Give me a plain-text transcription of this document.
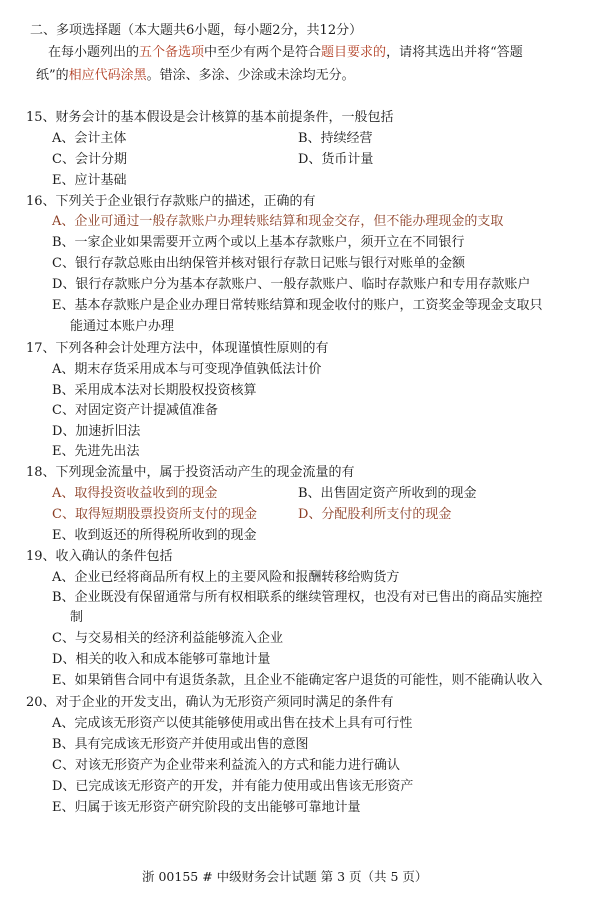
二、多项选择题（本大题共6小题，每小题2分，共12分）
在每小题列出的五个备选项中至少有两个是符合题目要求的，请将其选出并将“答题
纸”的相应代码涂黑。错涂、多涂、少涂或未涂均无分。
15、财务会计的基本假设是会计核算的基本前提条件，一般包括
A、会计主体	B、持续经营
C、会计分期	D、货币计量
E、应计基础
16、下列关于企业银行存款账户的描述，正确的有
A、企业可通过一般存款账户办理转账结算和现金交存，但不能办理现金的支取
B、一家企业如果需要开立两个或以上基本存款账户，须开立在不同银行
C、银行存款总账由出纳保管并核对银行存款日记账与银行对账单的金额
D、银行存款账户分为基本存款账户、一般存款账户、临时存款账户和专用存款账户
E、基本存款账户是企业办理日常转账结算和现金收付的账户，工资奖金等现金支取只
能通过本账户办理
17、下列各种会计处理方法中，体现谨慎性原则的有
A、期末存货采用成本与可变现净值孰低法计价
B、采用成本法对长期股权投资核算
C、对固定资产计提减值准备
D、加速折旧法
E、先进先出法
18、下列现金流量中，属于投资活动产生的现金流量的有
A、取得投资收益收到的现金	B、出售固定资产所收到的现金
C、取得短期股票投资所支付的现金	D、分配股利所支付的现金
E、收到返还的所得税所收到的现金
19、收入确认的条件包括
A、企业已经将商品所有权上的主要风险和报酬转移给购货方
B、企业既没有保留通常与所有权相联系的继续管理权，也没有对已售出的商品实施控
制
C、与交易相关的经济利益能够流入企业
D、相关的收入和成本能够可靠地计量
E、如果销售合同中有退货条款，且企业不能确定客户退货的可能性，则不能确认收入
20、对于企业的开发支出，确认为无形资产须同时满足的条件有
A、完成该无形资产以使其能够使用或出售在技术上具有可行性
B、具有完成该无形资产并使用或出售的意图
C、对该无形资产为企业带来利益流入的方式和能力进行确认
D、已完成该无形资产的开发，并有能力使用或出售该无形资产
E、归属于该无形资产研究阶段的支出能够可靠地计量
浙 00155 # 中级财务会计试题 第 3 页（共 5 页）
